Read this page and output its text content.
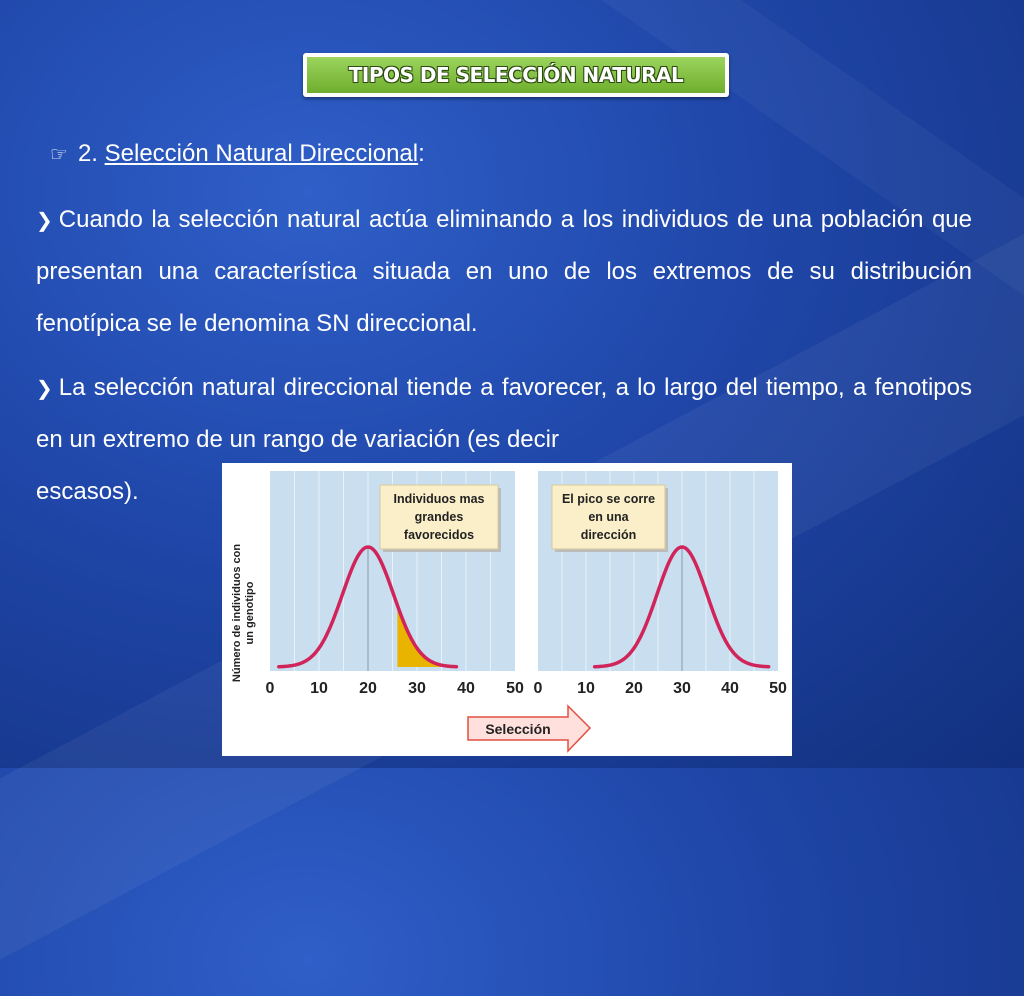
TIPOS DE SELECCIÓN NATURAL
☞ 2. Selección Natural Direccional:
❯ Cuando la selección natural actúa eliminando a los individuos de una población que presentan una característica situada en uno de los extremos de su distribución fenotípica se le denomina SN direccional.
❯ La selección natural direccional tiende a favorecer, a lo largo del tiempo, a fenotipos en un extremo de un rango de variación (es decir
escasos).
Número de individuos con un genotipo
Individuos mas
grandes
favorecidos
0 10 20 30 40 50
El pico se corre
en una
dirección
0 10 20 30 40 50
Selección
